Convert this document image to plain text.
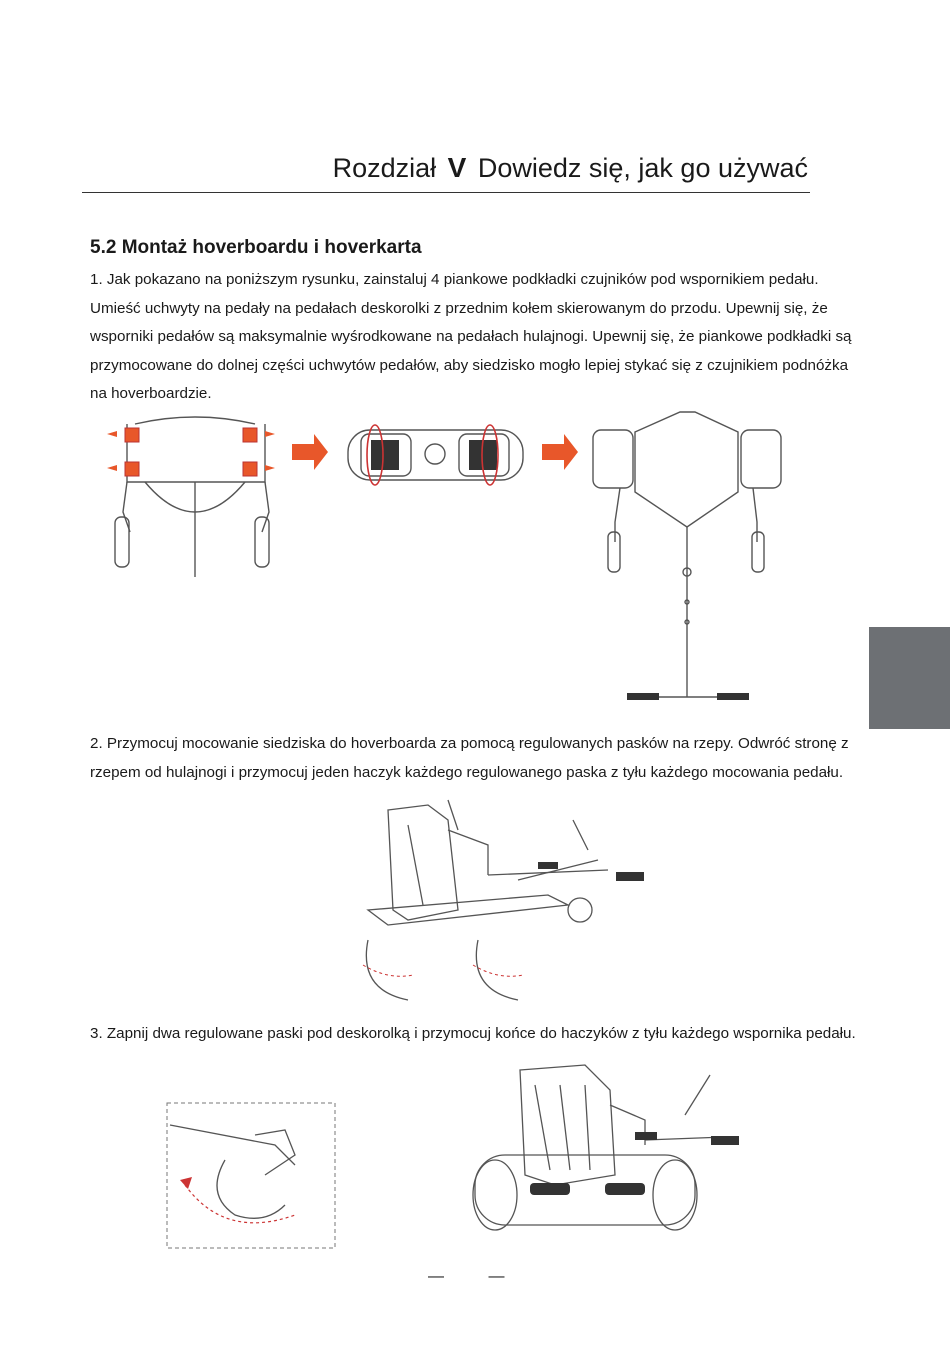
Rozdział V Dowiedz się, jak go używać
5.2 Montaż hoverboardu i hoverkarta

1. Jak pokazano na poniższym rysunku, zainstaluj 4 piankowe podkładki czujników pod wspornikiem pedału. Umieść uchwyty na pedały na pedałach deskorolki z przednim kołem skierowanym do przodu. Upewnij się, że wsporniki pedałów są maksymalnie wyśrodkowane na pedałach hulajnogi. Upewnij się, że piankowe podkładki są przymocowane do dolnej części uchwytów pedałów, aby siedzisko mogło lepiej stykać się z czujnikiem podnóżka na hoverboardzie.

2. Przymocuj mocowanie siedziska do hoverboarda za pomocą regulowanych pasków na rzepy. Odwróć stronę z rzepem od hulajnogi i przymocuj jeden haczyk każdego regulowanego paska z tyłu każdego mocowania pedału.

3. Zapnij dwa regulowane paski pod deskorolką i przymocuj końce do haczyków z tyłu każdego wspornika pedału.

— —
